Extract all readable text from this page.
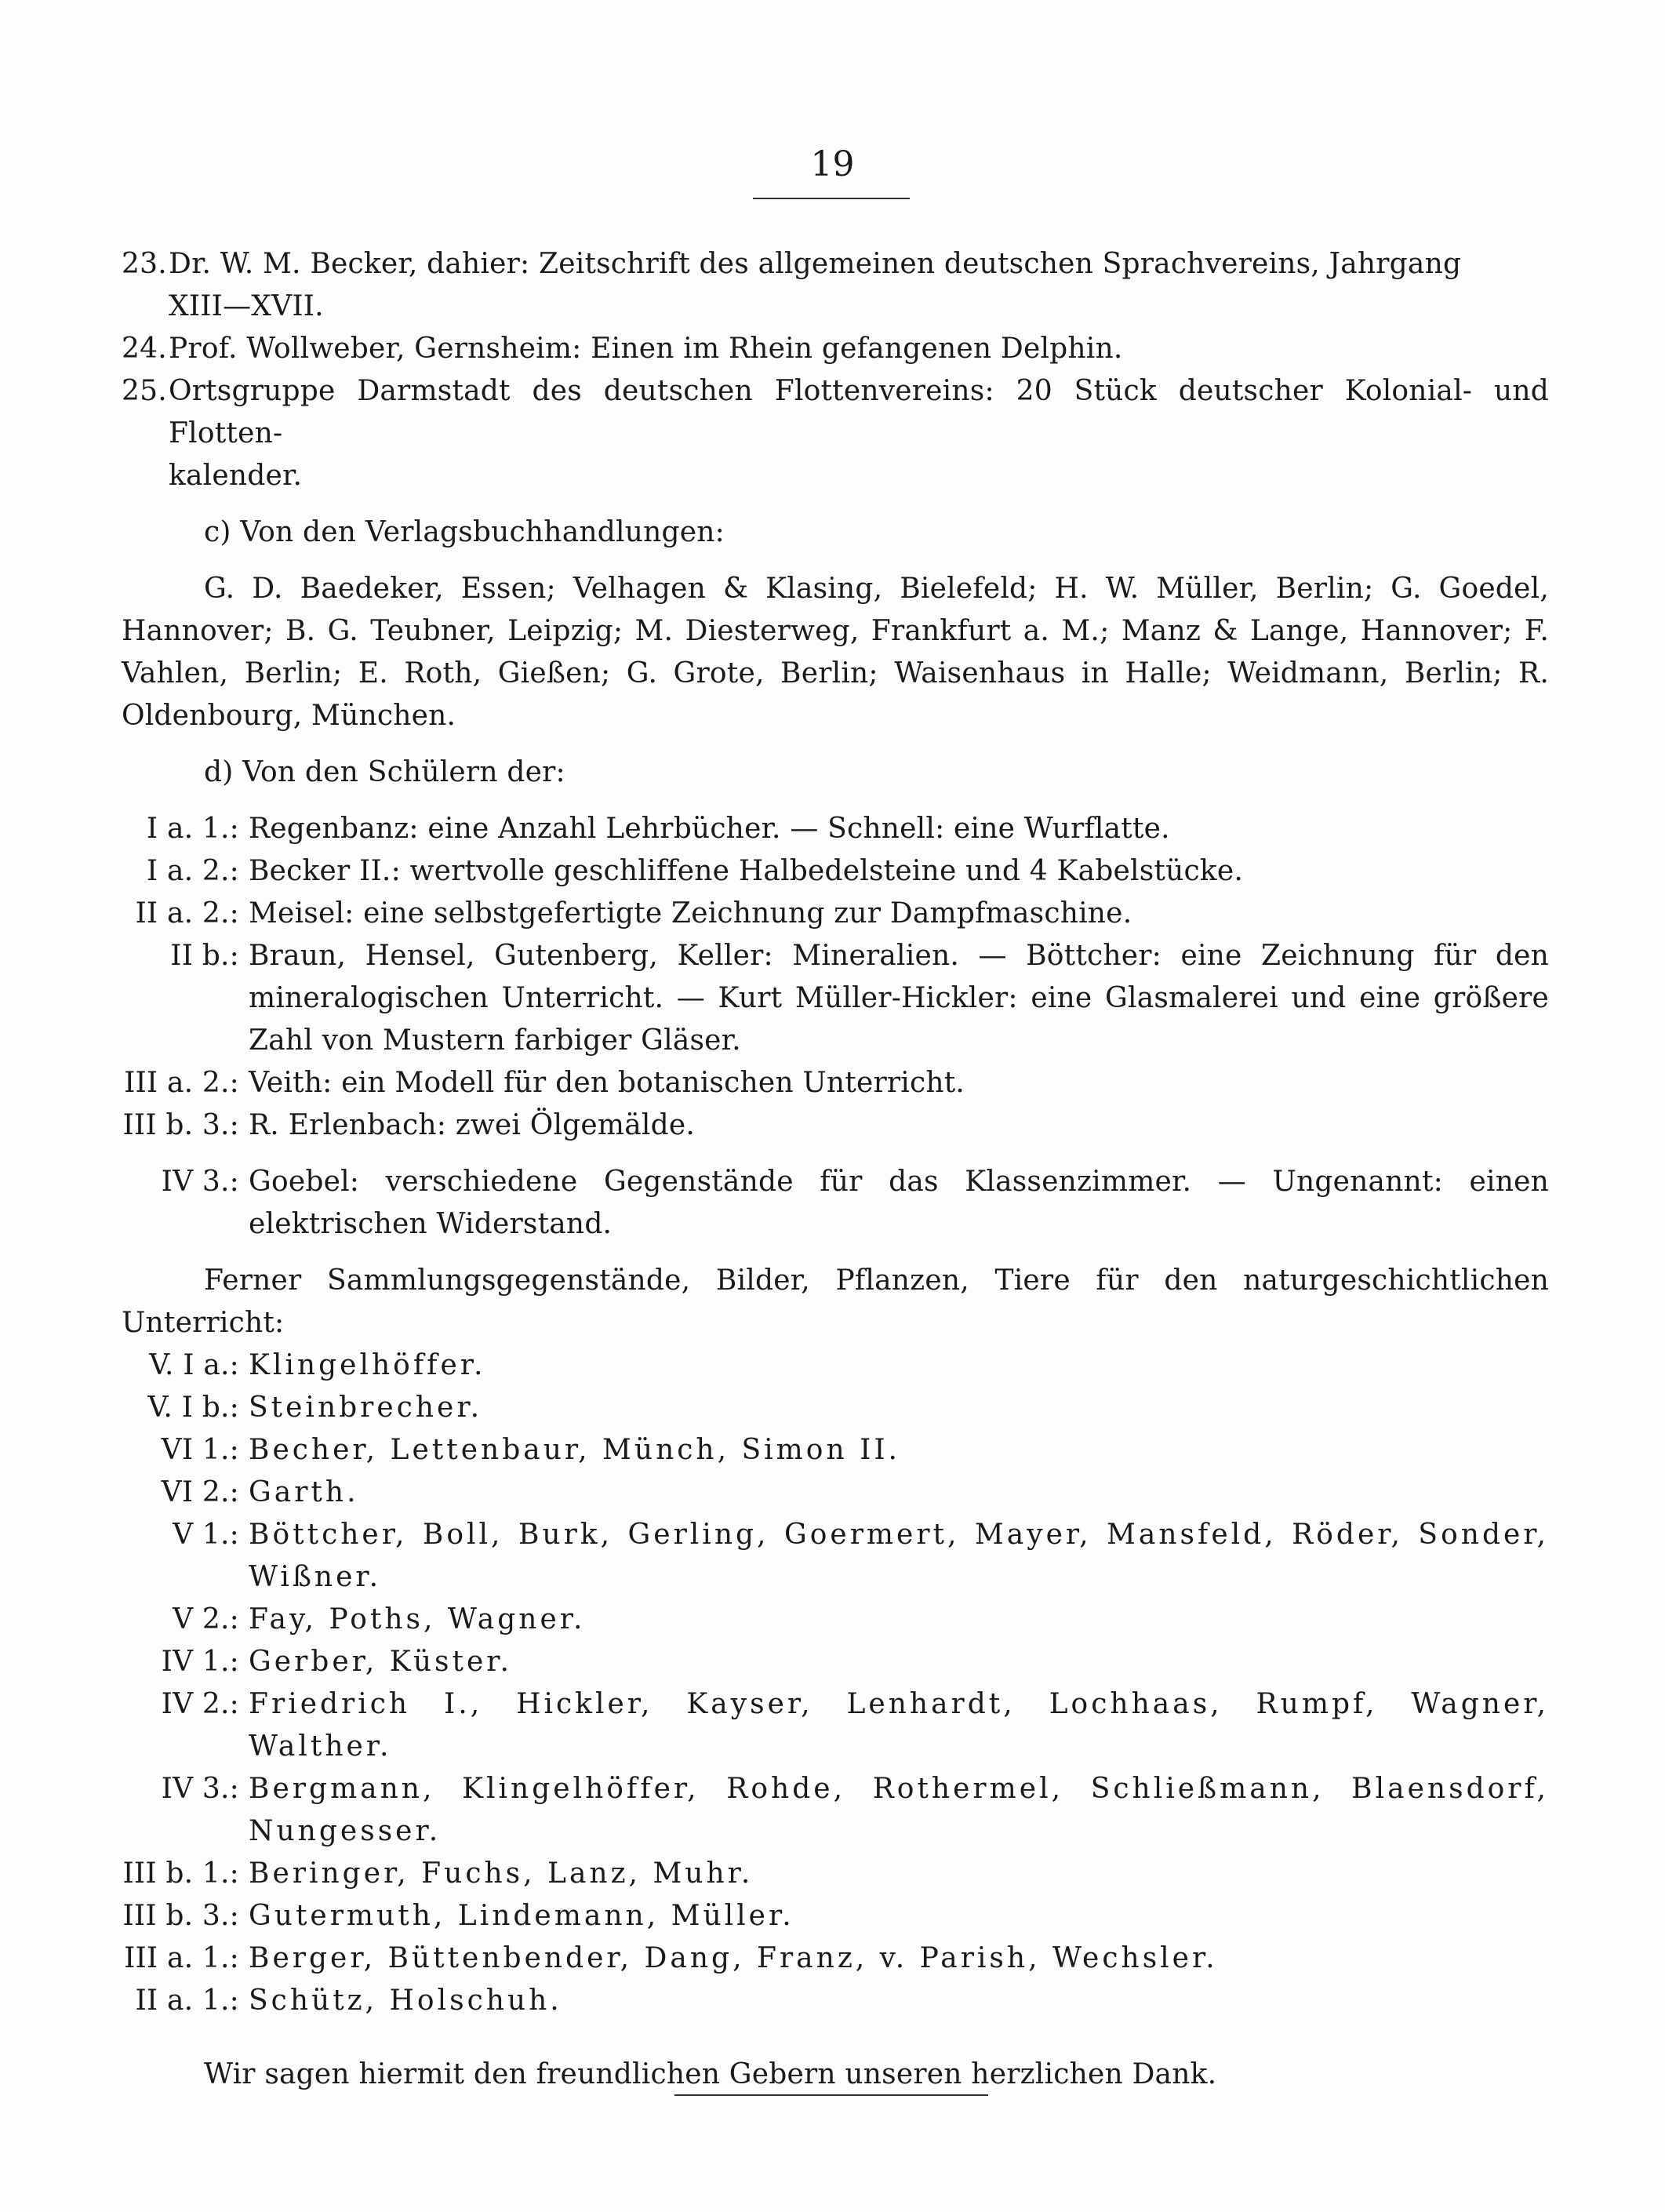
19
23. Dr. W. M. Becker, dahier: Zeitschrift des allgemeinen deutschen Sprachvereins, Jahrgang
XIII—XVII.
24. Prof. Wollweber, Gernsheim: Einen im Rhein gefangenen Delphin.
25. Ortsgruppe Darmstadt des deutschen Flottenvereins: 20 Stück deutscher Kolonial- und Flotten-
kalender.
c) Von den Verlagsbuchhandlungen:
G. D. Baedeker, Essen; Velhagen & Klasing, Bielefeld; H. W. Müller, Berlin; G. Goedel, Hannover; B. G. Teubner, Leipzig; M. Diesterweg, Frankfurt a. M.; Manz & Lange, Hannover; F. Vahlen, Berlin; E. Roth, Gießen; G. Grote, Berlin; Waisenhaus in Halle; Weidmann, Berlin; R. Oldenbourg, München.
d) Von den Schülern der:
I a. 1.: Regenbanz: eine Anzahl Lehrbücher. — Schnell: eine Wurflatte.
I a. 2.: Becker II.: wertvolle geschliffene Halbedelsteine und 4 Kabelstücke.
II a. 2.: Meisel: eine selbstgefertigte Zeichnung zur Dampfmaschine.
II b.: Braun, Hensel, Gutenberg, Keller: Mineralien. — Böttcher: eine Zeichnung für den mineralogischen Unterricht. — Kurt Müller-Hickler: eine Glasmalerei und eine größere Zahl von Mustern farbiger Gläser.
III a. 2.: Veith: ein Modell für den botanischen Unterricht.
III b. 3.: R. Erlenbach: zwei Ölgemälde.
IV 3.: Goebel: verschiedene Gegenstände für das Klassenzimmer. — Ungenannt: einen elektrischen Widerstand.
Ferner Sammlungsgegenstände, Bilder, Pflanzen, Tiere für den naturgeschichtlichen Unterricht:
V. I a.: Klingelhöffer.
V. I b.: Steinbrecher.
VI 1.: Becher, Lettenbaur, Münch, Simon II.
VI 2.: Garth.
V 1.: Böttcher, Boll, Burk, Gerling, Goermert, Mayer, Mansfeld, Röder, Sonder, Wißner.
V 2.: Fay, Poths, Wagner.
IV 1.: Gerber, Küster.
IV 2.: Friedrich I., Hickler, Kayser, Lenhardt, Lochhaas, Rumpf, Wagner, Walther.
IV 3.: Bergmann, Klingelhöffer, Rohde, Rothermel, Schließmann, Blaensdorf, Nungesser.
III b. 1.: Beringer, Fuchs, Lanz, Muhr.
III b. 3.: Gutermuth, Lindemann, Müller.
III a. 1.: Berger, Büttenbender, Dang, Franz, v. Parish, Wechsler.
II a. 1.: Schütz, Holschuh.
Wir sagen hiermit den freundlichen Gebern unseren herzlichen Dank.
